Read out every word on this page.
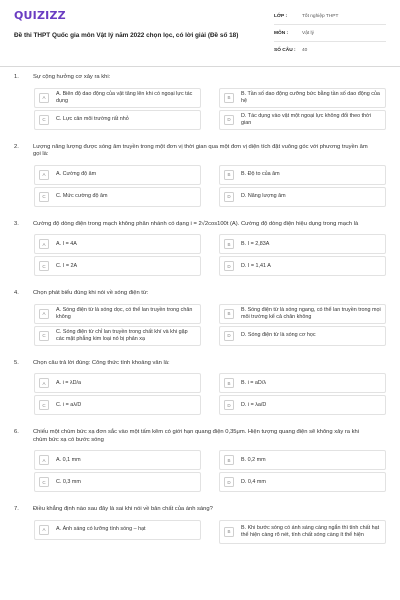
QUIZIZZ
Đề thi THPT Quốc gia môn Vật lý năm 2022 chọn lọc, có lời giải (Đề số 18)
LỚP :	Tốt nghiệp THPT
MÔN :	Vật lý
SỐ CÂU :	40
1. Sự cộng hưởng cơ xảy ra khi:
A
A. Biên độ dao động của vật tăng lên khi có ngoại lực tác dụng	B
B. Tần số dao động cưỡng bức bằng tần số dao động của hệ
C	C. Lực cản môi trường rất nhỏ	D
D. Tác dụng vào vật một ngoại lực không đổi theo thời gian
2. Lượng năng lượng được sóng âm truyền trong một đơn vị thời gian qua một đơn vị diện tích đặt vuông góc với phương truyền âm gọi là:
A	A. Cường độ âm	B	B. Độ to của âm
C	C. Mức cường độ âm	D	D. Năng lượng âm
3. Cường độ dòng điện trong mạch không phân nhánh có dạng i = 2√2cos100t (A). Cường độ dòng điện hiệu dụng trong mạch là
A	A. I = 4A	B	B. I = 2,83A
C	C. I = 2A	D	D. I = 1,41 A
4. Chọn phát biểu đúng khi nói về sóng điện từ:
A
A. Sóng điện từ là sóng dọc, có thể lan truyền trong chân không	B
B. Sóng điện từ là sóng ngang, có thể lan truyền trong mọi môi trường kể cả chân không
C
C. Sóng điện từ chỉ lan truyền trong chất khí và khi gặp các mặt phẳng kim loại nó bị phản xạ	D	D. Sóng điện từ là sóng cơ học
5. Chọn câu trả lời đúng: Công thức tính khoảng vân là:
A	A. i = λD/a	B	B. i = aD/λ
C	C. i = aλ/D	D	D. i = λa/D
6. Chiếu một chùm bức xạ đơn sắc vào một tấm kẽm có giới hạn quang điện 0,35μm. Hiện tượng quang điện sẽ không xảy ra khi chùm bức xạ có bước sóng
A	A. 0,1 mm	B	B. 0,2 mm
C	C. 0,3 mm	D	D. 0,4 mm
7. Điều khẳng định nào sau đây là sai khi nói về bản chất của ánh sáng?
A	A. Ánh sáng có lưỡng tính sóng – hạt	B
B. Khi bước sóng có ánh sáng càng ngắn thì tính chất hạt thể hiện càng rõ nét, tính chất sóng càng ít thể hiện
